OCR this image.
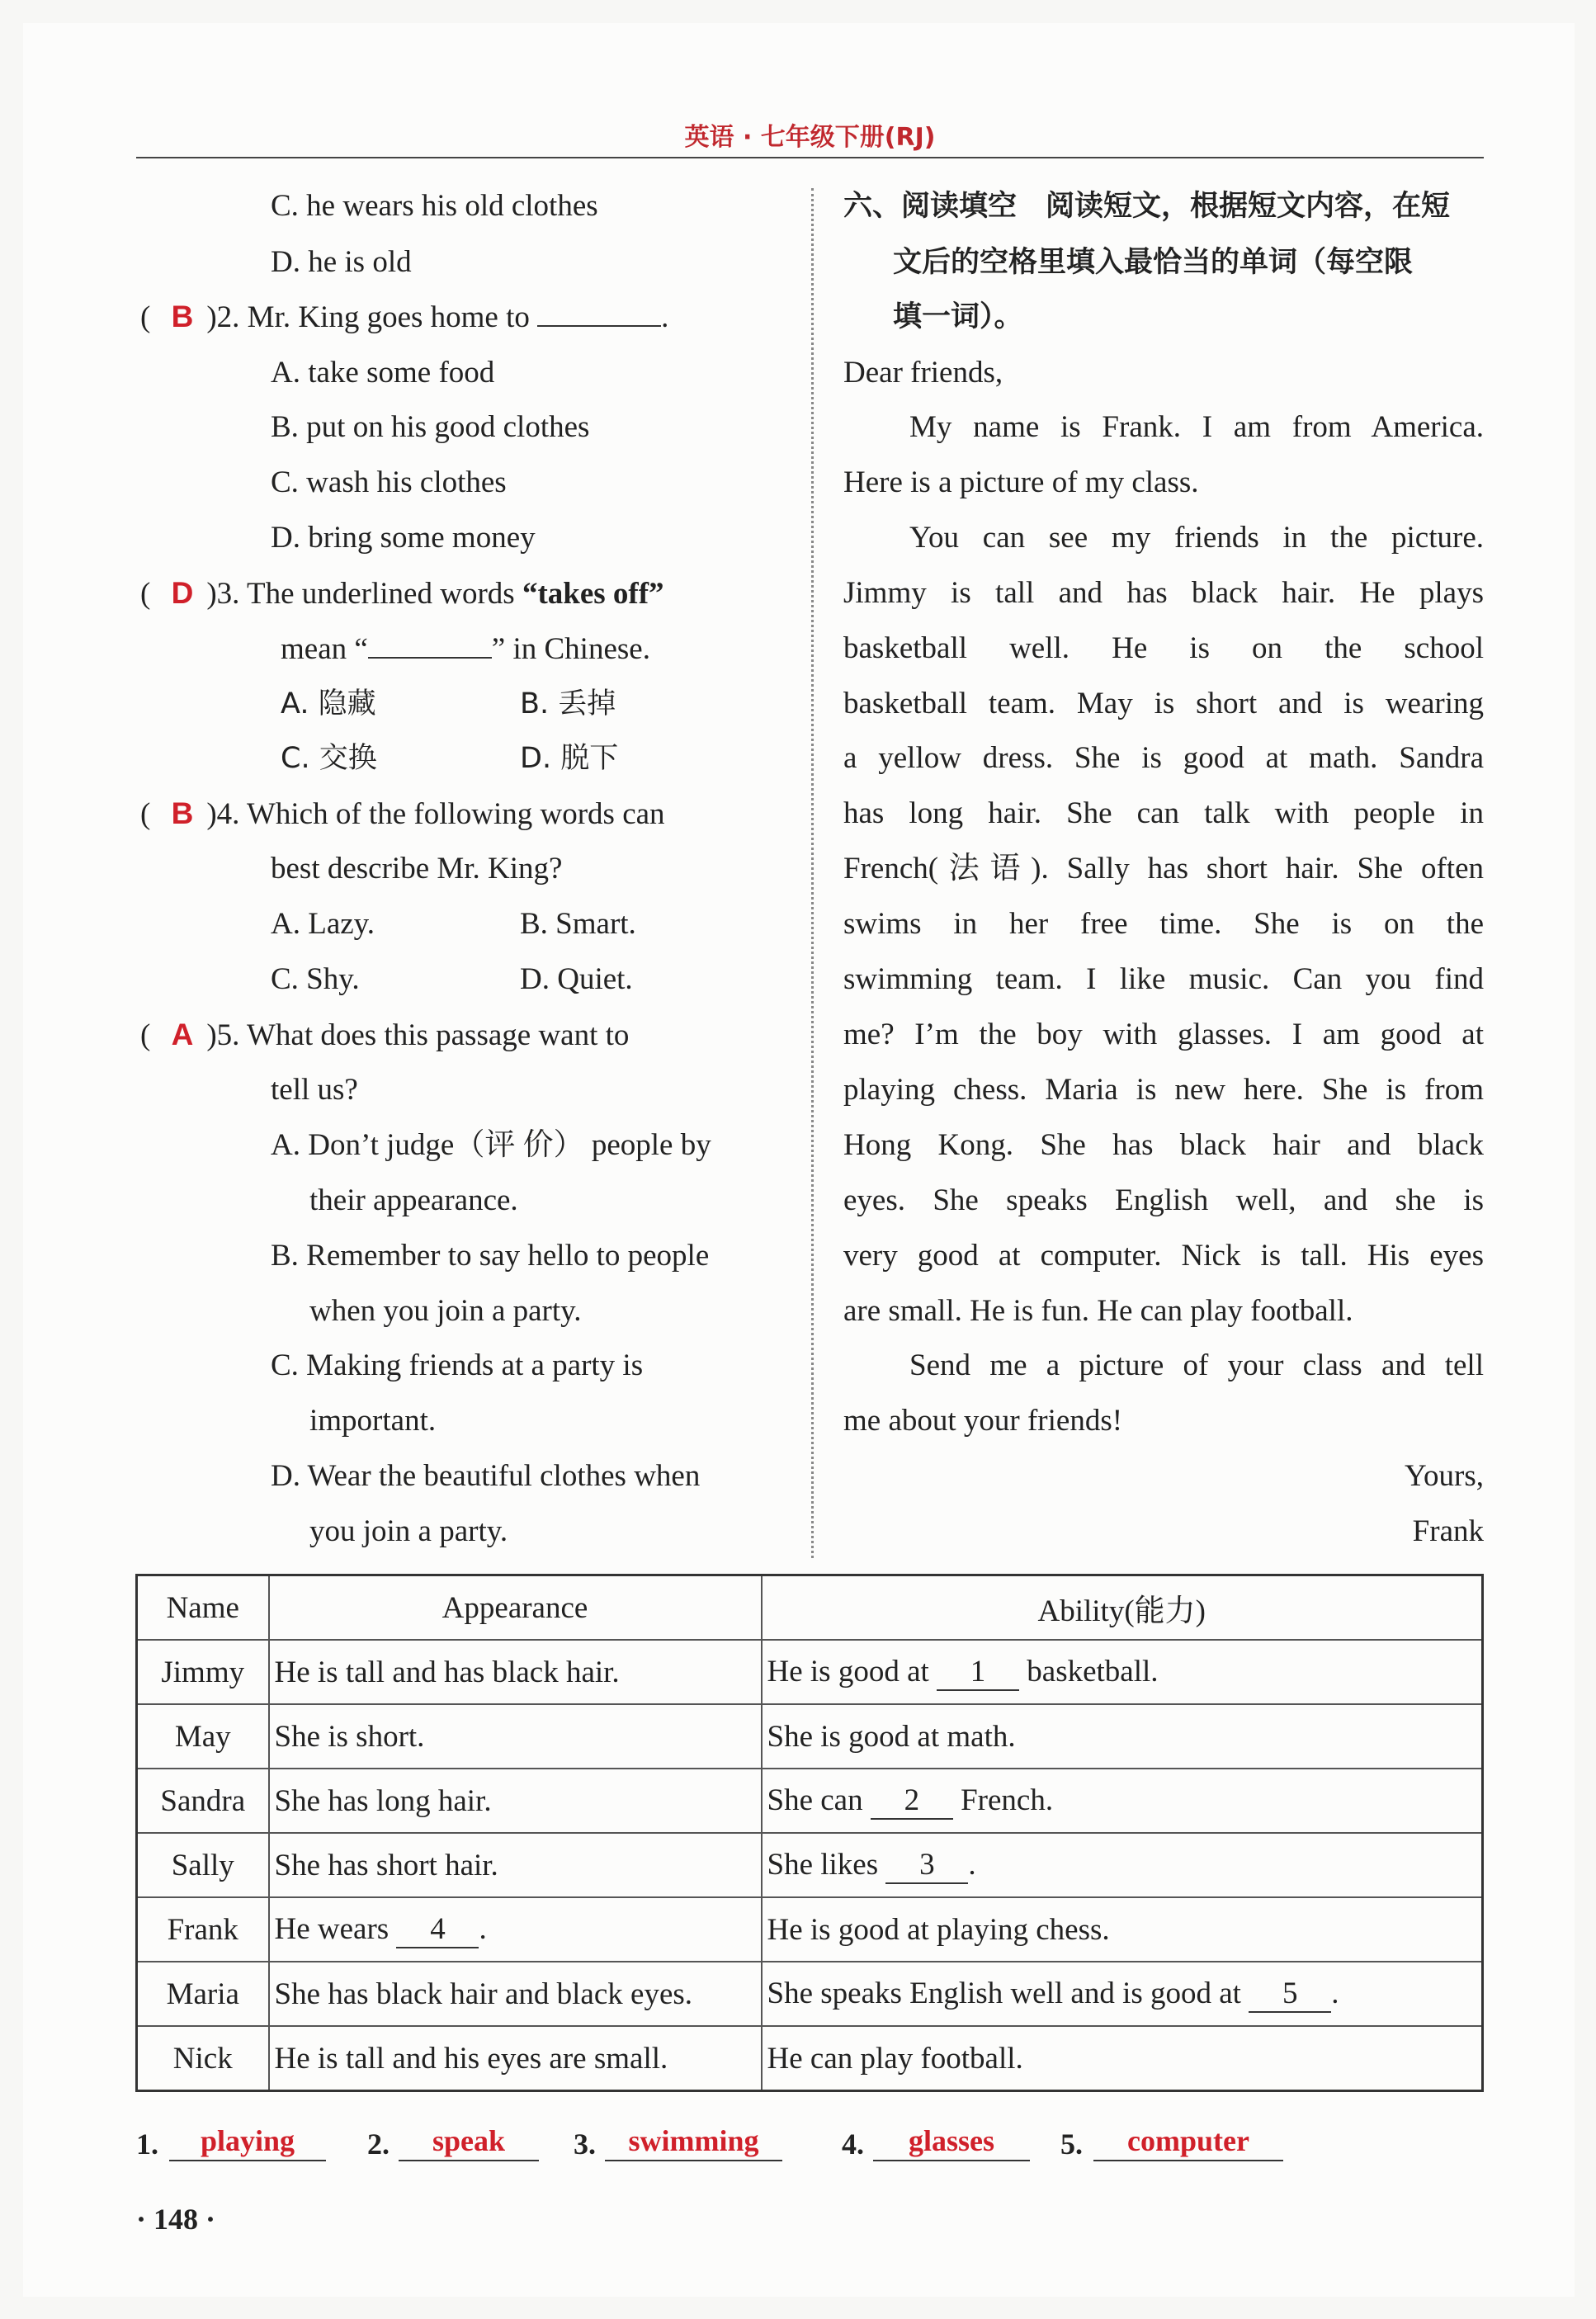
英语 · 七年级下册(RJ)
C. he wears his old clothes
D. he is old
( B )2. Mr. King goes home to	.
A. take some food
B. put on his good clothes
C. wash his clothes
D. bring some money
( D )3. The underlined words “takes off”
mean “	” in Chinese.
A. 隐藏	B. 丢掉
C. 交换	D. 脱下
( B )4. Which of the following words can
best describe Mr. King?
A. Lazy.	B. Smart.
C. Shy.	D. Quiet.
( A )5. What does this passage want to
tell us?
A. Don’t judge（评 价） people by
their appearance.
B. Remember to say hello to people
when you join a party.
C. Making friends at a party is
important.
D. Wear the beautiful clothes when
you join a party.
六、阅读填空　阅读短文，根据短文内容，在短
文后的空格里填入最恰当的单词（每空限
填一词）。
Dear friends,
My name is Frank. I am from America.
Here is a picture of my class.
You can see my friends in the picture.
Jimmy is tall and has black hair. He plays
basketball well. He is on the school
basketball team. May is short and is wearing
a yellow dress. She is good at math. Sandra
has long hair. She can talk with people in
French(法语). Sally has short hair. She often
swims in her free time. She is on the
swimming team. I like music. Can you find
me? I’m the boy with glasses. I am good at
playing chess. Maria is new here. She is from
Hong Kong. She has black hair and black
eyes. She speaks English well, and she is
very good at computer. Nick is tall. His eyes
are small. He is fun. He can play football.
Send me a picture of your class and tell
me about your friends!
Yours,
Frank
Name	Appearance	Ability(能力)
Jimmy	He is tall and has black hair.	He is good at 1 basketball.
May	She is short.	She is good at math.
Sandra	She has long hair.	She can 2 French.
Sally	She has short hair.	She likes 3 .
Frank	He wears 4 .	He is good at playing chess.
Maria	She has black hair and black eyes.	She speaks English well and is good at 5 .
Nick	He is tall and his eyes are small.	He can play football.
1.	playing	2.	speak	3.	swimming	4.	glasses	5.	computer
· 148 ·
